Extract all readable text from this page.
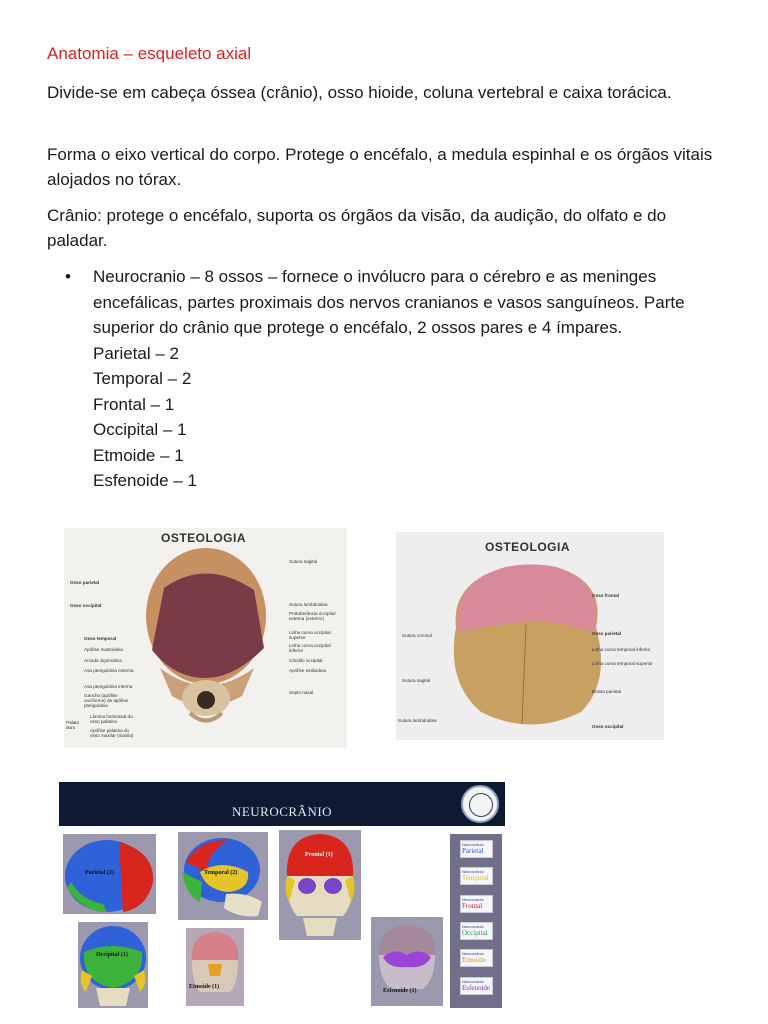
Anatomia – esqueleto axial
Divide-se em cabeça óssea (crânio), osso hioide, coluna vertebral e caixa torácica.
Forma o eixo vertical do corpo. Protege o encéfalo, a medula espinhal e os órgãos vitais alojados no tórax.
Crânio: protege o encéfalo, suporta os órgãos da visão, da audição, do olfato e do paladar.
• Neurocranio – 8 ossos – fornece o invólucro para o cérebro e as meninges encefálicas, partes proximais dos nervos cranianos e vasos sanguíneos. Parte superior do crânio que protege o encéfalo, 2 ossos pares e 4 ímpares.
Parietal – 2
Temporal – 2
Frontal – 1
Occipital – 1
Etmoide – 1
Esfenoide – 1
OSTEOLOGIA
Osso parietal
Osso occipital
Osso temporal
Apófise mastoideia
Arcada zigomática
Asa pterigoideia externa
Asa pterigoideia interna
Gancho (apófise unciforme) da apófise pterigoideia
Lâmina horizontal do osso palatino
Apófise palatina do osso maxilar (maxila)
Palato duro
Sutura sagital
Sutura lambdoidea
Protuberância occipital externa (externo)
Linha curva occipital superior
Linha curva occipital inferior
Côndilo occipital
Apófise estiloideia
Septo nasal
OSTEOLOGIA
Sutura coronal
Sutura sagital
Sutura lambdoidea
Osso frontal
Osso parietal
Linha curva temporal inferior
Linha curva temporal superior
Bossa parietal
Osso occipital
NEUROCRÂNIO
Parietal (2)	Temporal (2)
Frontal (1)
Occipital (1)
Etmoide (1)
Esfenoide (1)
Neurocrânio
Parietal
Neurocrânio
Temporal
Neurocrânio
Frontal
Neurocrânio
Occipital
Neurocrânio
Etmoide
Neurocrânio
Esfenoide
